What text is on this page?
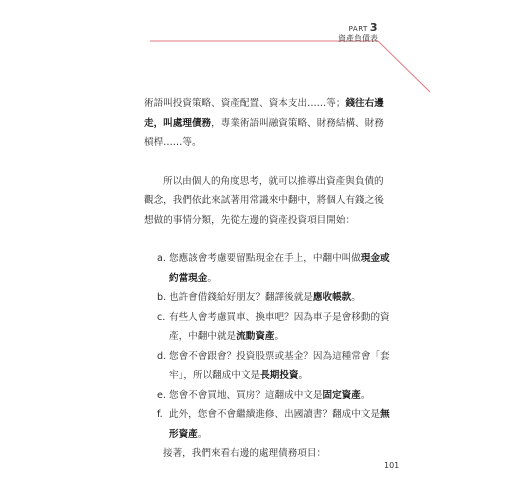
PART 3
資產負債表

術語叫投資策略、資產配置、資本支出……等；錢往右邊走，叫處理債務，專業術語叫融資策略、財務結構、財務槓桿……等。

所以由個人的角度思考，就可以推導出資產與負債的觀念，我們依此來試著用常識來中翻中，將個人有錢之後想做的事情分類，先從左邊的資產投資項目開始：

a. 您應該會考慮要留點現金在手上，中翻中叫做現金或約當現金。
b. 也許會借錢給好朋友？翻譯後就是應收帳款。
c. 有些人會考慮買車、換車吧？因為車子是會移動的資產，中翻中就是流動資產。
d. 您會不會跟會？投資股票或基金？因為這種常會「套牢」，所以翻成中文是長期投資。
e. 您會不會買地、買房？這翻成中文是固定資產。
f. 此外，您會不會繼續進修、出國讀書？翻成中文是無形資產。

接著，我們來看右邊的處理債務項目：

101
